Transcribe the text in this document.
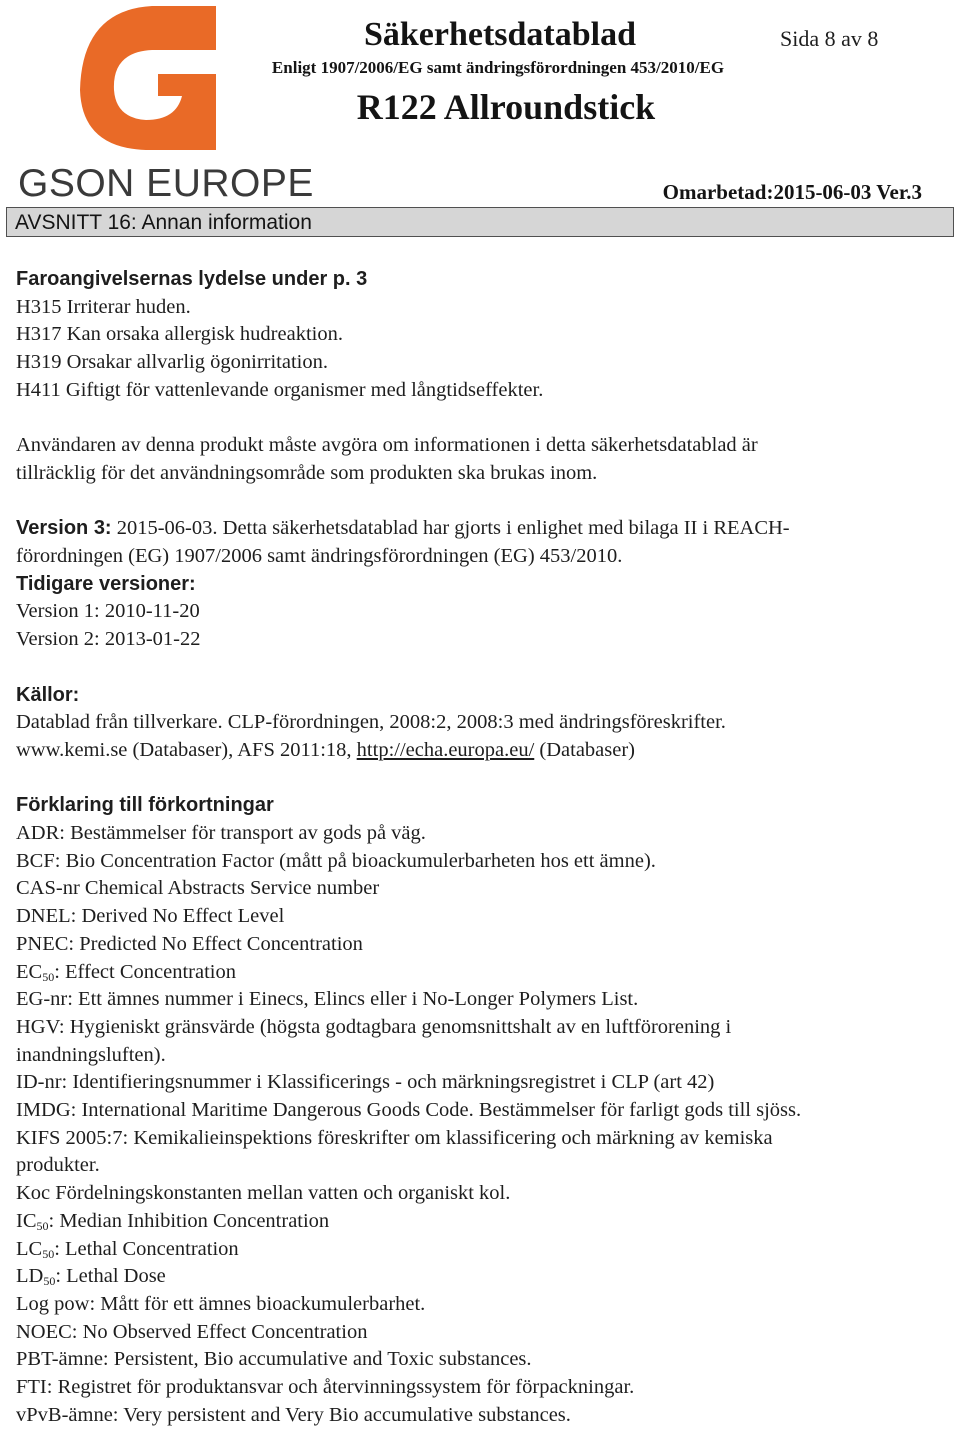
GSON EUROPE
Säkerhetsdatablad
Enligt 1907/2006/EG samt ändringsförordningen 453/2010/EG
Sida 8 av 8
R122 Allroundstick
Omarbetad:2015-06-03 Ver.3
AVSNITT 16: Annan information

Faroangivelsernas lydelse under p. 3

H315 Irriterar huden.

H317 Kan orsaka allergisk hudreaktion.

H319 Orsakar allvarlig ögonirritation.

H411 Giftigt för vattenlevande organismer med långtidseffekter.

Användaren av denna produkt måste avgöra om informationen i detta säkerhetsdatablad är

tillräcklig för det användningsområde som produkten ska brukas inom.

Version 3: 2015-06-03. Detta säkerhetsdatablad har gjorts i enlighet med bilaga II i REACH-

förordningen (EG) 1907/2006 samt ändringsförordningen (EG) 453/2010.

Tidigare versioner:

Version 1: 2010-11-20

Version 2: 2013-01-22

Källor:

Datablad från tillverkare. CLP-förordningen, 2008:2, 2008:3 med ändringsföreskrifter.

www.kemi.se (Databaser), AFS 2011:18, http://echa.europa.eu/ (Databaser)

Förklaring till förkortningar

ADR: Bestämmelser för transport av gods på väg.

BCF: Bio Concentration Factor (mått på bioackumulerbarheten hos ett ämne).

CAS-nr Chemical Abstracts Service number

DNEL: Derived No Effect Level

PNEC: Predicted No Effect Concentration

$EC_{50}$: Effect Concentration

EG-nr: Ett ämnes nummer i Einecs, Elincs eller i No-Longer Polymers List.

HGV: Hygieniskt gränsvärde (högsta godtagbara genomsnittshalt av en luftförorening i

inandningsluften).

ID-nr: Identifieringsnummer i Klassificerings - och märkningsregistret i CLP (art 42)

IMDG: International Maritime Dangerous Goods Code. Bestämmelser för farligt gods till sjöss.

KIFS 2005:7: Kemikalieinspektions föreskrifter om klassificering och märkning av kemiska

produkter.

Koc Fördelningskonstanten mellan vatten och organiskt kol.

$IC_{50}$: Median Inhibition Concentration

$LC_{50}$: Lethal Concentration

$LD_{50}$: Lethal Dose

Log pow: Mått för ett ämnes bioackumulerbarhet.

NOEC: No Observed Effect Concentration

PBT-ämne: Persistent, Bio accumulative and Toxic substances.

FTI: Registret för produktansvar och återvinningssystem för förpackningar.

vPvB-ämne: Very persistent and Very Bio accumulative substances.
